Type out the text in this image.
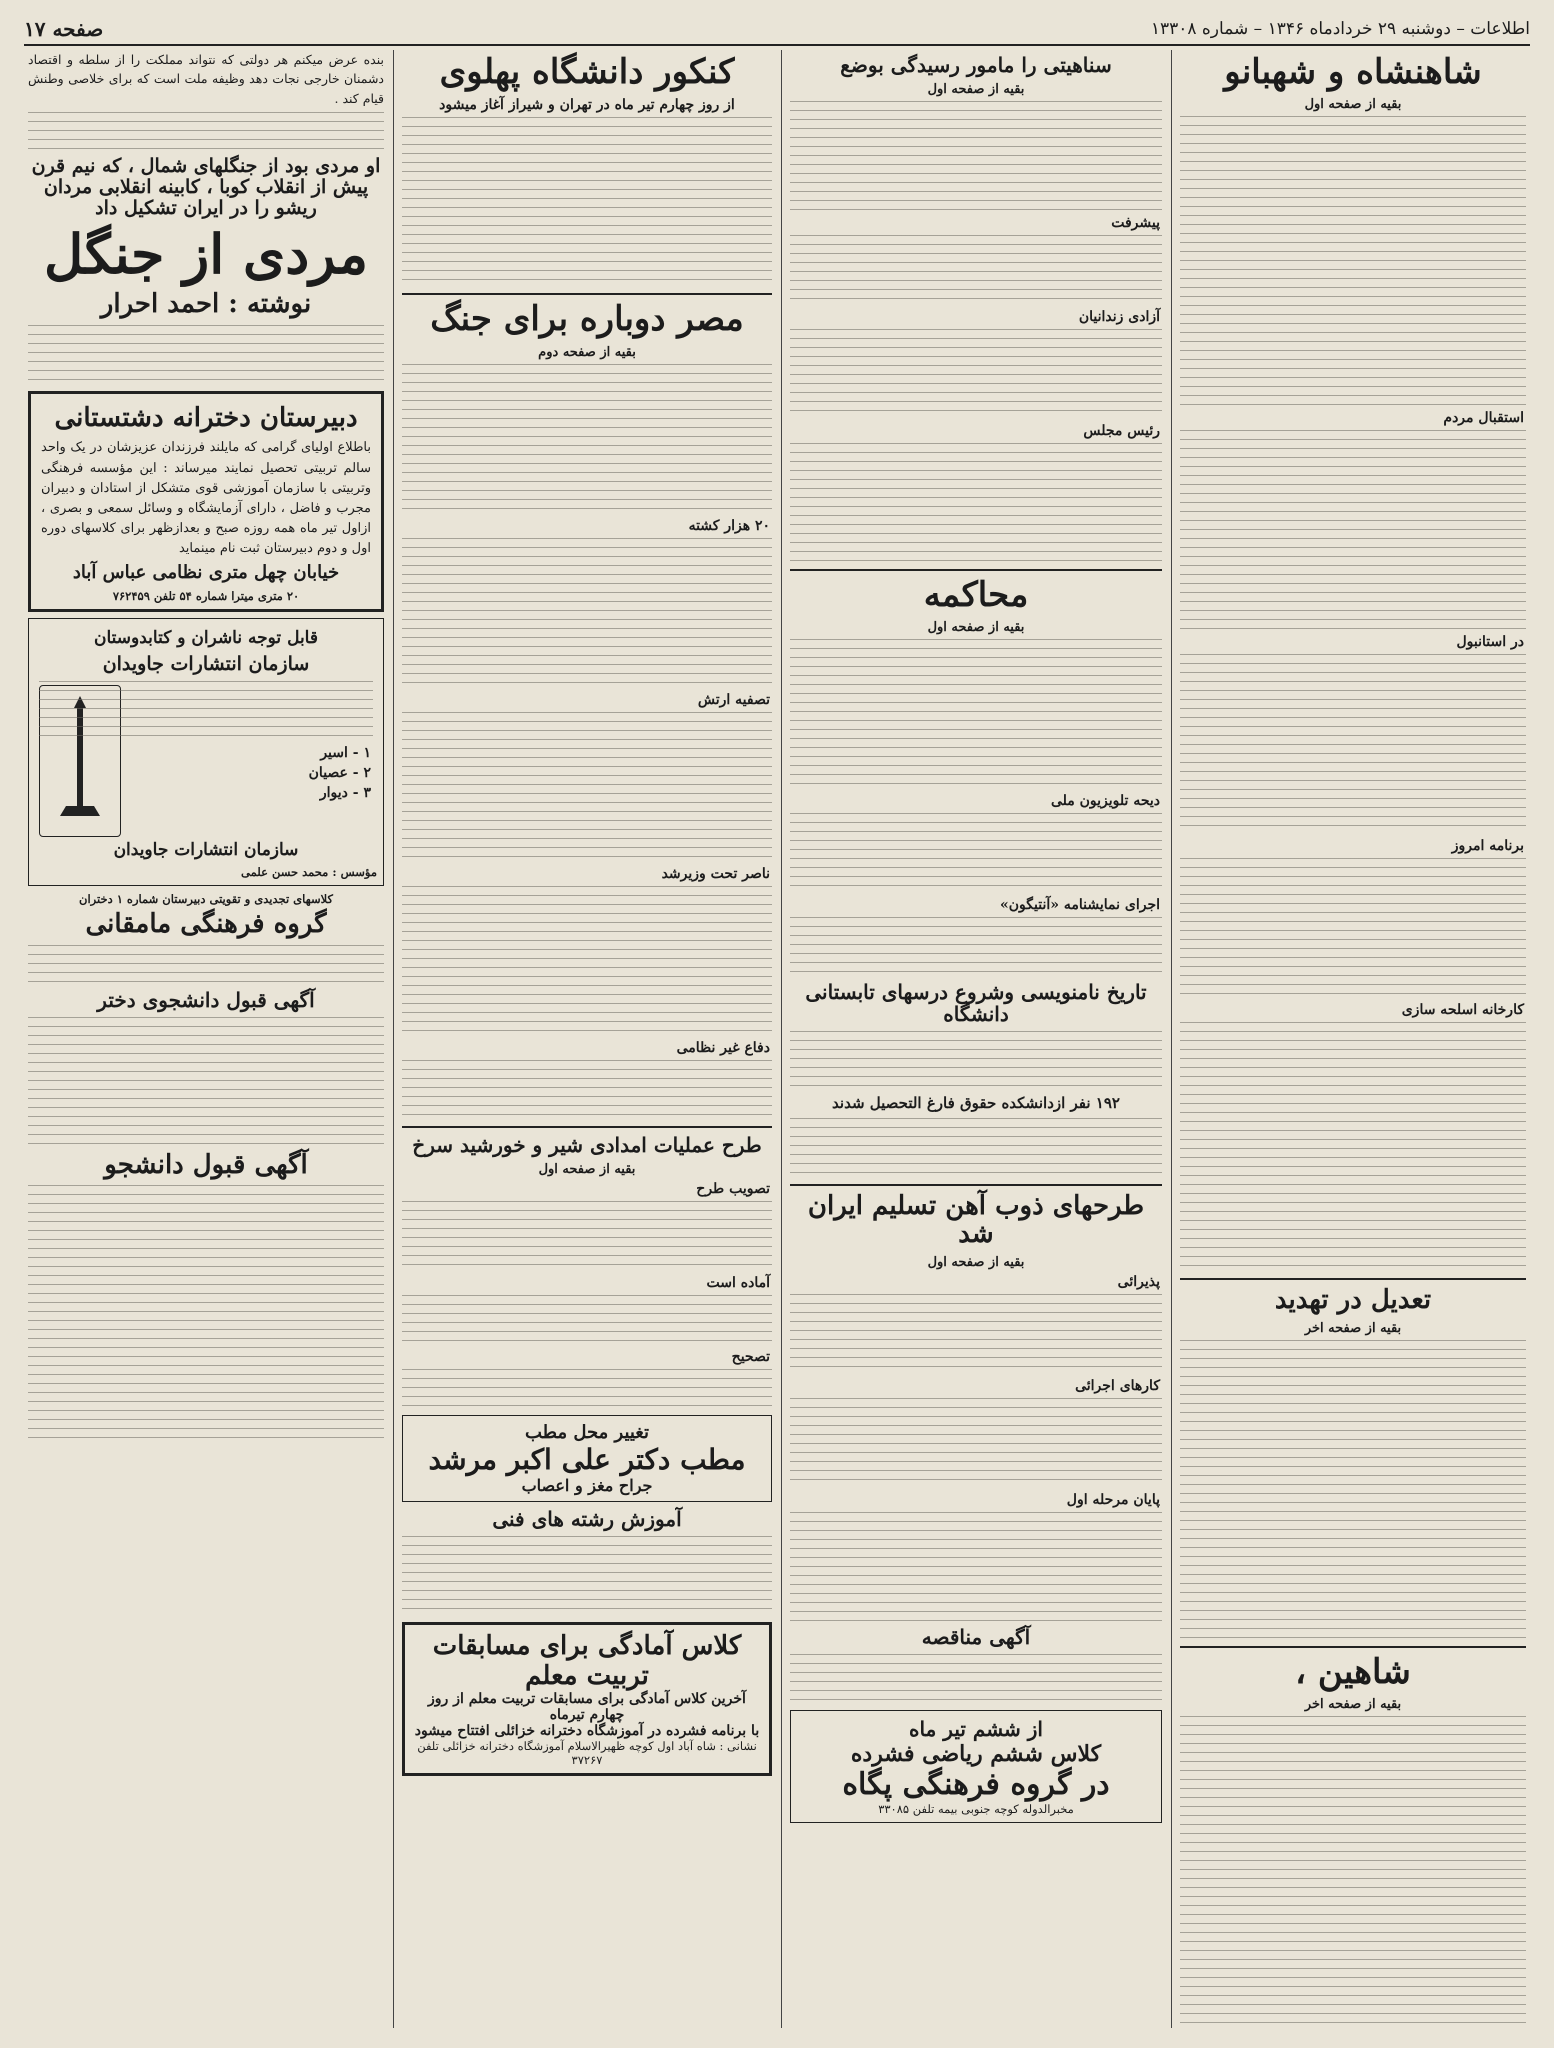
اطلاعات – دوشنبه ۲۹ خردادماه ۱۳۴۶ – شماره ۱۳۳۰۸
صفحه ۱۷
شاهنشاه و شهبانو
بقیه از صفحه اول
استقبال مردم
در استانبول
برنامه امروز
کارخانه اسلحه سازی
تعدیل در تهدید
بقیه از صفحه اخر
شاهین ،
بقیه از صفحه اخر
سناهیتی را مامور رسیدگی بوضع
بقیه از صفحه اول
پیشرفت
آزادی زندانیان
رئیس مجلس
محاکمه
بقیه از صفحه اول
دیحه تلویزیون ملی
اجرای نمایشنامه «آنتیگون»
تاریخ نامنویسی وشروع درسهای تابستانی دانشگاه
۱۹۲ نفر ازدانشکده حقوق فارغ التحصیل شدند
طرحهای ذوب آهن تسلیم ایران شد
بقیه از صفحه اول
پذیرائی
کارهای اجرائی
پایان مرحله اول
آگهی مناقصه
از ششم تیر ماه
کلاس ششم ریاضی فشرده
در گروه فرهنگی پگاه
مخبرالدوله کوچه جنوبی بیمه تلفن ۳۳۰۸۵
کنکور دانشگاه پهلوی
از روز چهارم تیر ماه در تهران و شیراز آغاز میشود
مصر دوباره برای جنگ
بقیه از صفحه دوم
۲۰ هزار کشته
تصفیه ارتش
ناصر تحت وزیرشد
دفاع غیر نظامی
طرح عملیات امدادی شیر و خورشید سرخ
بقیه از صفحه اول
تصویب طرح
آماده است
تصحیح
تغییر محل مطب
مطب دکتر علی اکبر مرشد
جراح مغز و اعصاب
آموزش رشته های فنی
کلاس آمادگی برای مسابقات تربیت معلم
آخرین کلاس آمادگی برای مسابقات تربیت معلم از روز چهارم تیرماه
با برنامه فشرده در آموزشگاه دخترانه خزائلی افتتاح میشود
نشانی : شاه آباد اول کوچه ظهیرالاسلام آموزشگاه دخترانه خزائلی تلفن ۳۷۲۶۷
بنده عرض میکنم هر دولتی که نتواند مملکت را از سلطه و اقتصاد دشمنان خارجی نجات دهد وظیفه ملت است که برای خلاصی وطنش قیام کند .
او مردی بود از جنگلهای شمال ، که نیم قرن پیش از انقلاب کوبا ، کابینه انقلابی مردان ریشو را در ایران تشکیل داد
مردی از جنگل
نوشته : احمد احرار
دبیرستان دخترانه دشتستانی
باطلاع اولیای گرامی که مایلند فرزندان عزیزشان در یک واحد سالم تربیتی تحصیل نمایند میرساند : این مؤسسه فرهنگی وتربیتی با سازمان آموزشی قوی متشکل از استادان و دبیران مجرب و فاضل ، دارای آزمایشگاه و وسائل سمعی و بصری ، ازاول تیر ماه همه روزه صبح و بعدازظهر برای کلاسهای دوره اول و دوم دبیرستان ثبت نام مینماید
خیابان چهل متری نظامی عباس آباد
۲۰ متری میترا شماره ۵۴ تلفن ۷۶۲۴۵۹
قابل توجه ناشران و کتابدوستان
سازمان انتشارات جاویدان
۱ - اسیر
۲ - عصیان
۳ - دیوار
سازمان انتشارات جاویدان
مؤسس : محمد حسن علمی
کلاسهای تجدیدی و تقویتی دبیرستان شماره ۱ دختران
گروه فرهنگی مامقانی
آگهی قبول دانشجوی دختر
آگهی قبول دانشجو
